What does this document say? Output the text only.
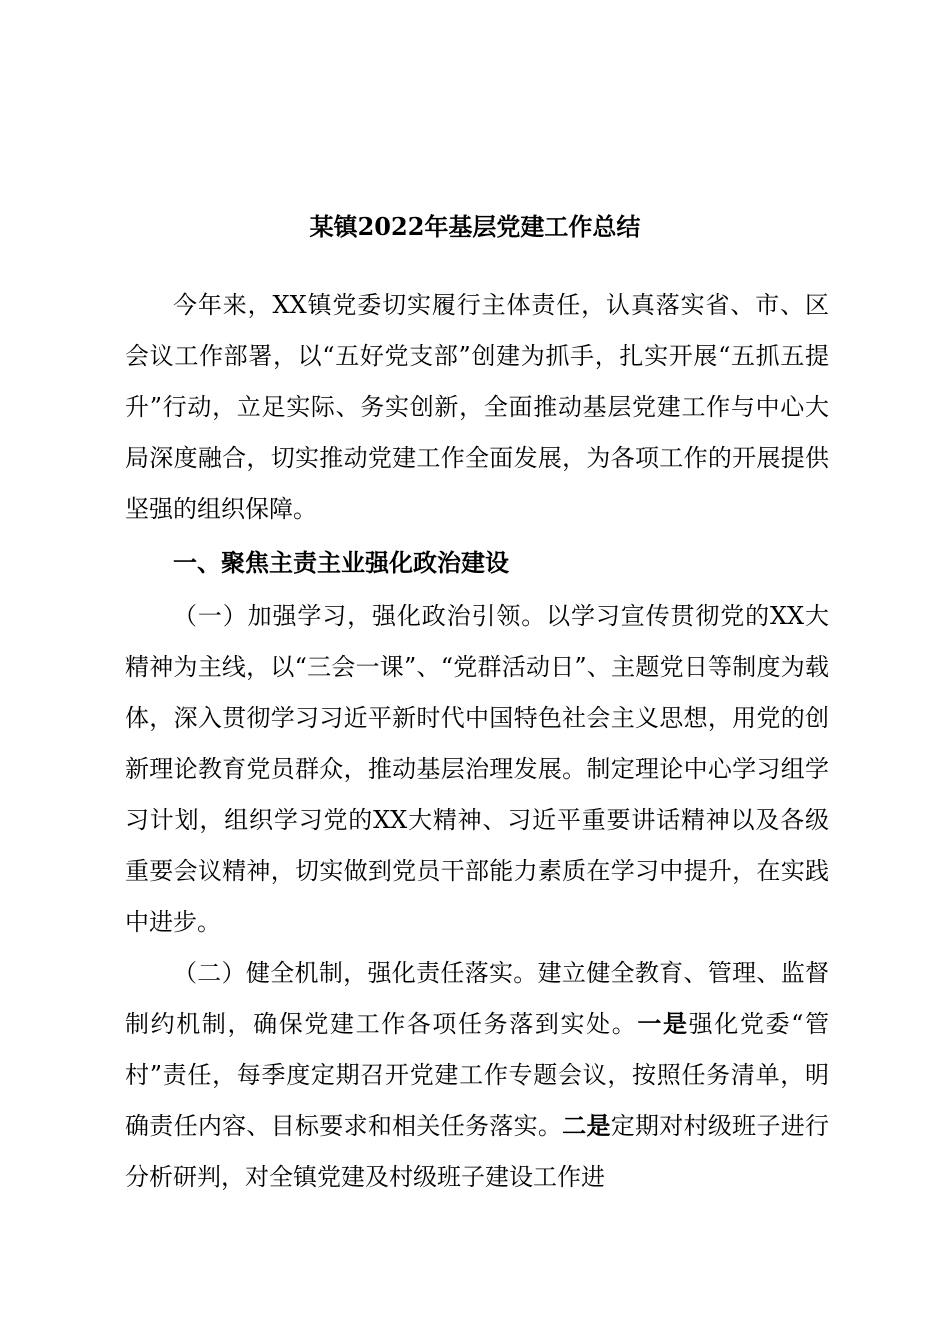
某镇2022年基层党建工作总结

今年来，XX镇党委切实履行主体责任，认真落实省、市、区会议工作部署，以“五好党支部”创建为抓手，扎实开展“五抓五提升”行动，立足实际、务实创新，全面推动基层党建工作与中心大局深度融合，切实推动党建工作全面发展，为各项工作的开展提供坚强的组织保障。

一、聚焦主责主业强化政治建设

（一）加强学习，强化政治引领。以学习宣传贯彻党的XX大精神为主线，以“三会一课”、“党群活动日”、主题党日等制度为载体，深入贯彻学习习近平新时代中国特色社会主义思想，用党的创新理论教育党员群众，推动基层治理发展。制定理论中心学习组学习计划，组织学习党的XX大精神、习近平重要讲话精神以及各级重要会议精神，切实做到党员干部能力素质在学习中提升，在实践中进步。

（二）健全机制，强化责任落实。建立健全教育、管理、监督制约机制，确保党建工作各项任务落到实处。一是强化党委“管村”责任，每季度定期召开党建工作专题会议，按照任务清单，明确责任内容、目标要求和相关任务落实。二是定期对村级班子进行分析研判，对全镇党建及村级班子建设工作进
